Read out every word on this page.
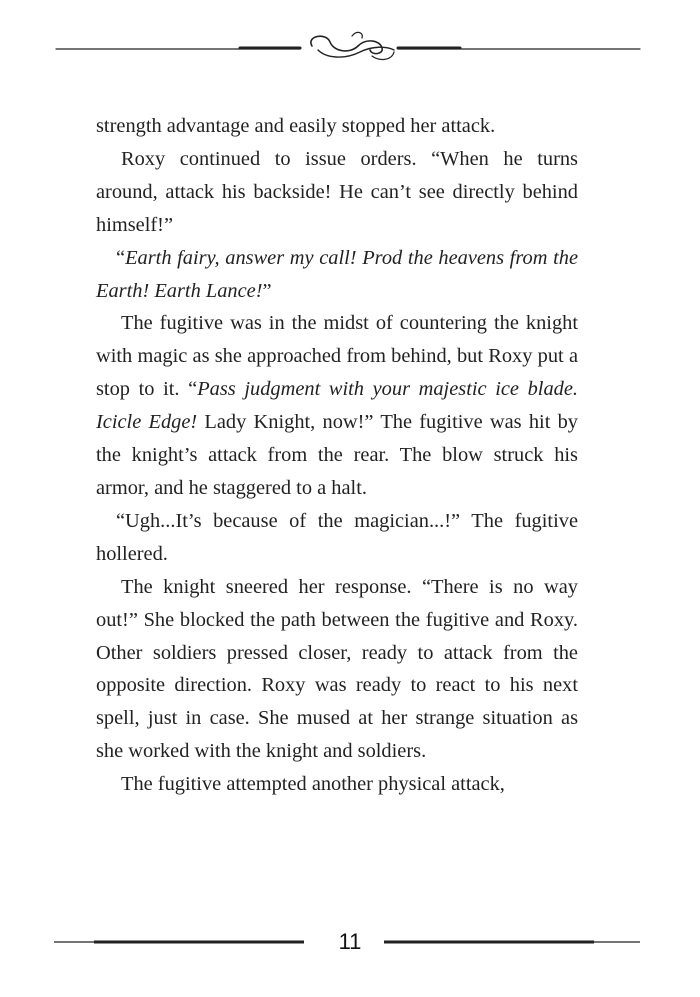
strength advantage and easily stopped her attack.

Roxy continued to issue orders. “When he turns around, attack his backside! He can’t see directly behind himself!”

“Earth fairy, answer my call! Prod the heavens from the Earth! Earth Lance!”

The fugitive was in the midst of countering the knight with magic as she approached from behind, but Roxy put a stop to it. “Pass judgment with your majestic ice blade. Icicle Edge! Lady Knight, now!” The fugitive was hit by the knight’s attack from the rear. The blow struck his armor, and he staggered to a halt.

“Ugh...It’s because of the magician...!” The fugitive hollered.

The knight sneered her response. “There is no way out!” She blocked the path between the fugitive and Roxy. Other soldiers pressed closer, ready to attack from the opposite direction. Roxy was ready to react to his next spell, just in case. She mused at her strange situation as she worked with the knight and soldiers.

The fugitive attempted another physical attack,

11
